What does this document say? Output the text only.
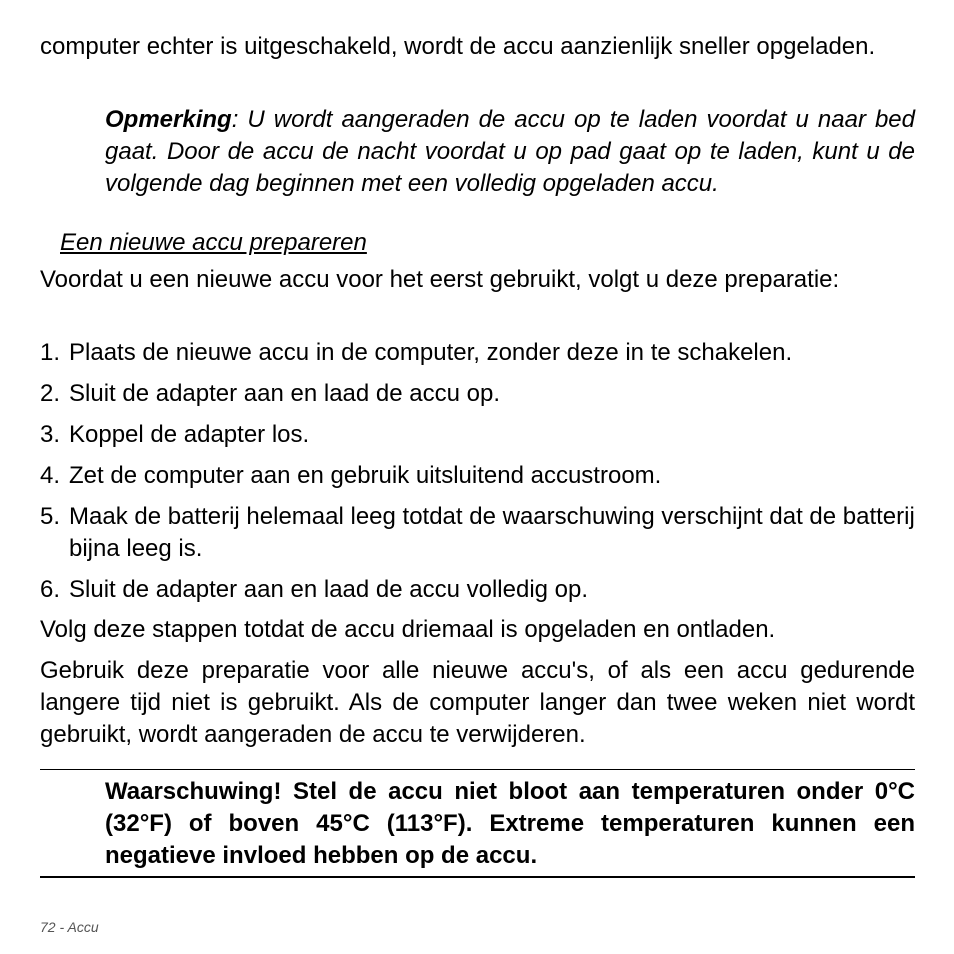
computer echter is uitgeschakeld, wordt de accu aanzienlijk sneller opgeladen.

Opmerking: U wordt aangeraden de accu op te laden voordat u naar bed gaat. Door de accu de nacht voordat u op pad gaat op te laden, kunt u de volgende dag beginnen met een volledig opgeladen accu.

Een nieuwe accu prepareren

Voordat u een nieuwe accu voor het eerst gebruikt, volgt u deze preparatie:

1. Plaats de nieuwe accu in de computer, zonder deze in te schakelen.
2. Sluit de adapter aan en laad de accu op.
3. Koppel de adapter los.
4. Zet de computer aan en gebruik uitsluitend accustroom.
5. Maak de batterij helemaal leeg totdat de waarschuwing verschijnt dat de batterij bijna leeg is.
6. Sluit de adapter aan en laad de accu volledig op.

Volg deze stappen totdat de accu driemaal is opgeladen en ontladen.

Gebruik deze preparatie voor alle nieuwe accu's, of als een accu gedurende langere tijd niet is gebruikt. Als de computer langer dan twee weken niet wordt gebruikt, wordt aangeraden de accu te verwijderen.

Waarschuwing! Stel de accu niet bloot aan temperaturen onder 0°C (32°F) of boven 45°C (113°F). Extreme temperaturen kunnen een negatieve invloed hebben op de accu.

72 - Accu
